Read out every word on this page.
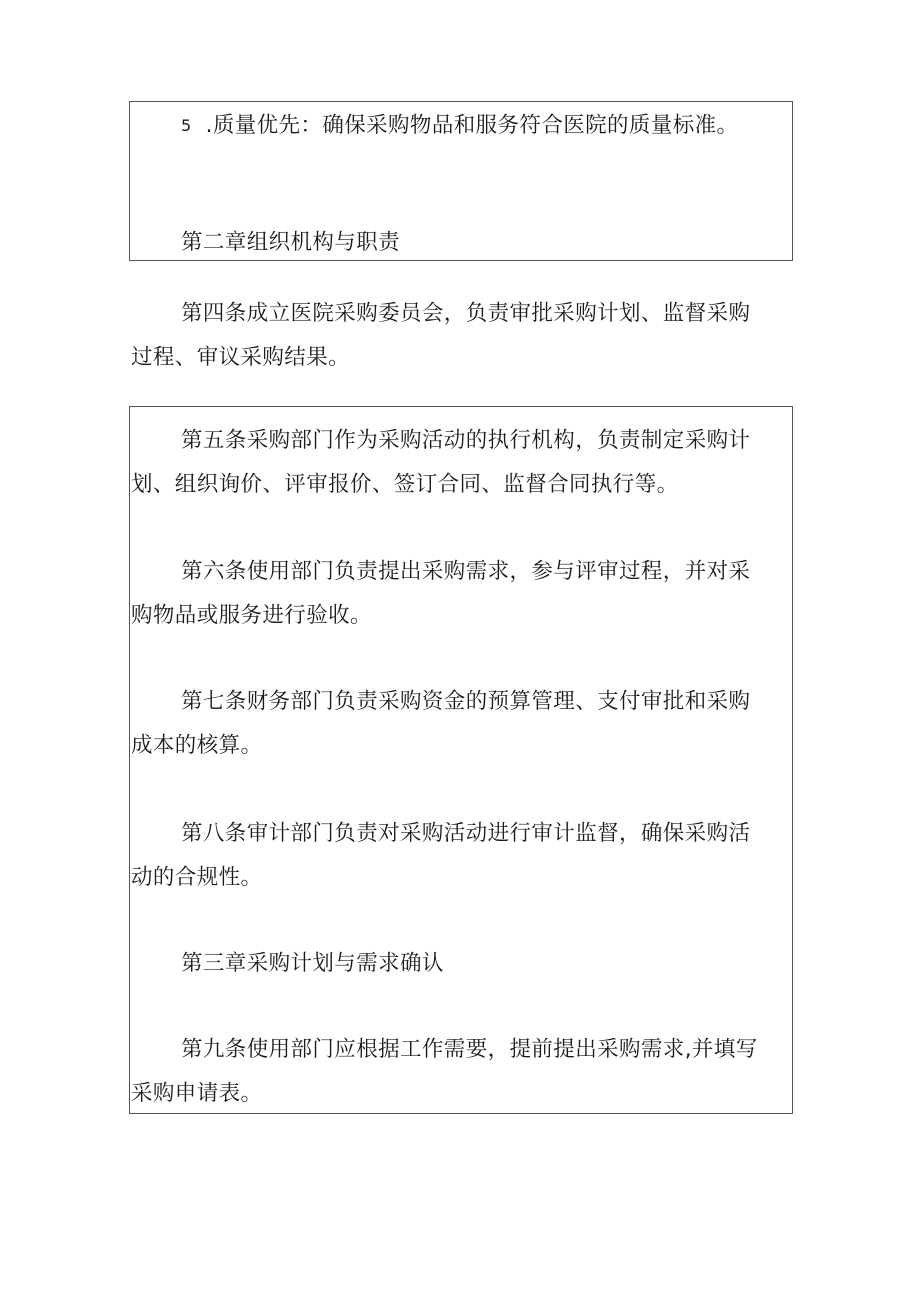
5 .质量优先：确保采购物品和服务符合医院的质量标准。

第二章组织机构与职责

第四条成立医院采购委员会，负责审批采购计划、监督采购

过程、审议采购结果。

第五条采购部门作为采购活动的执行机构，负责制定采购计

划、组织询价、评审报价、签订合同、监督合同执行等。

第六条使用部门负责提出采购需求，参与评审过程，并对采

购物品或服务进行验收。

第七条财务部门负责采购资金的预算管理、支付审批和采购

成本的核算。

第八条审计部门负责对采购活动进行审计监督，确保采购活

动的合规性。

第三章采购计划与需求确认

第九条使用部门应根据工作需要，提前提出采购需求,并填写

采购申请表。
